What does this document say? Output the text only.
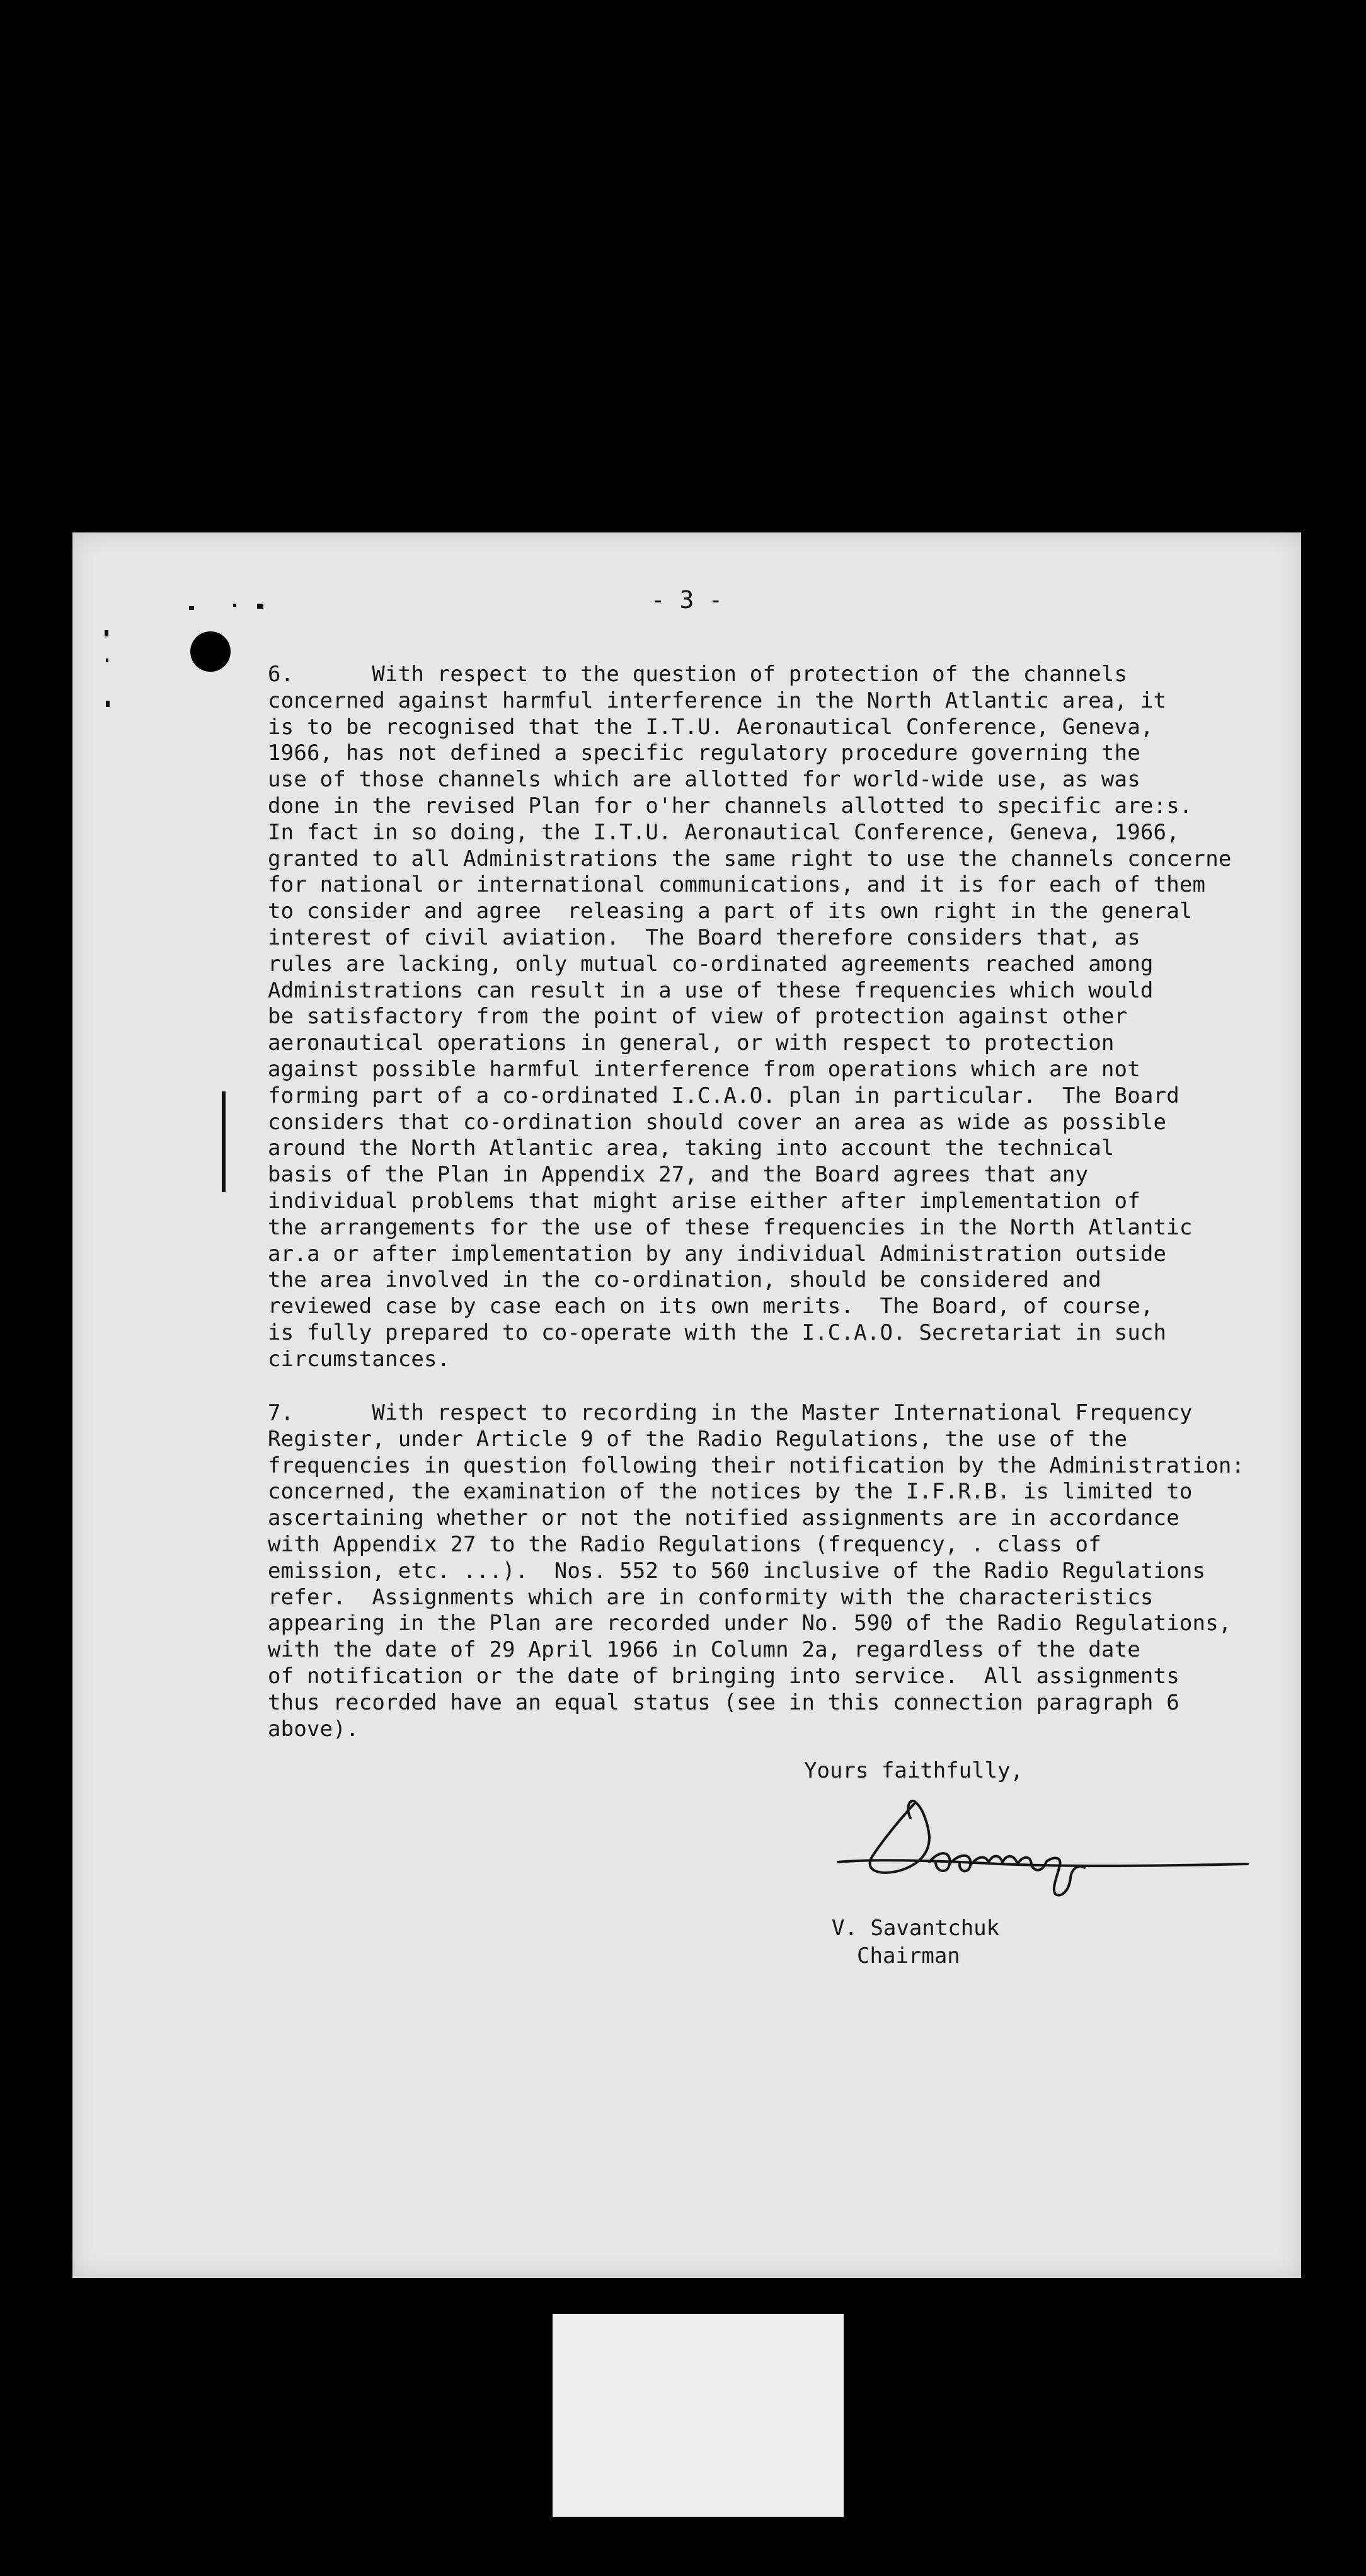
- 3 -
6.      With respect to the question of protection of the channels
concerned against harmful interference in the North Atlantic area, it
is to be recognised that the I.T.U. Aeronautical Conference, Geneva,
1966, has not defined a specific regulatory procedure governing the
use of those channels which are allotted for world-wide use, as was
done in the revised Plan for o'her channels allotted to specific are:s.
In fact in so doing, the I.T.U. Aeronautical Conference, Geneva, 1966,
granted to all Administrations the same right to use the channels concerne
for national or international communications, and it is for each of them
to consider and agree  releasing a part of its own right in the general
interest of civil aviation.  The Board therefore considers that, as
rules are lacking, only mutual co-ordinated agreements reached among
Administrations can result in a use of these frequencies which would
be satisfactory from the point of view of protection against other
aeronautical operations in general, or with respect to protection
against possible harmful interference from operations which are not
forming part of a co-ordinated I.C.A.O. plan in particular.  The Board
considers that co-ordination should cover an area as wide as possible
around the North Atlantic area, taking into account the technical
basis of the Plan in Appendix 27, and the Board agrees that any
individual problems that might arise either after implementation of
the arrangements for the use of these frequencies in the North Atlantic
ar.a or after implementation by any individual Administration outside
the area involved in the co-ordination, should be considered and
reviewed case by case each on its own merits.  The Board, of course,
is fully prepared to co-operate with the I.C.A.O. Secretariat in such
circumstances.
7.      With respect to recording in the Master International Frequency
Register, under Article 9 of the Radio Regulations, the use of the
frequencies in question following their notification by the Administration:
concerned, the examination of the notices by the I.F.R.B. is limited to
ascertaining whether or not the notified assignments are in accordance
with Appendix 27 to the Radio Regulations (frequency, . class of
emission, etc. ...).  Nos. 552 to 560 inclusive of the Radio Regulations
refer.  Assignments which are in conformity with the characteristics
appearing in the Plan are recorded under No. 590 of the Radio Regulations,
with the date of 29 April 1966 in Column 2a, regardless of the date
of notification or the date of bringing into service.  All assignments
thus recorded have an equal status (see in this connection paragraph 6
above).
Yours faithfully,
V. Savantchuk
Chairman
